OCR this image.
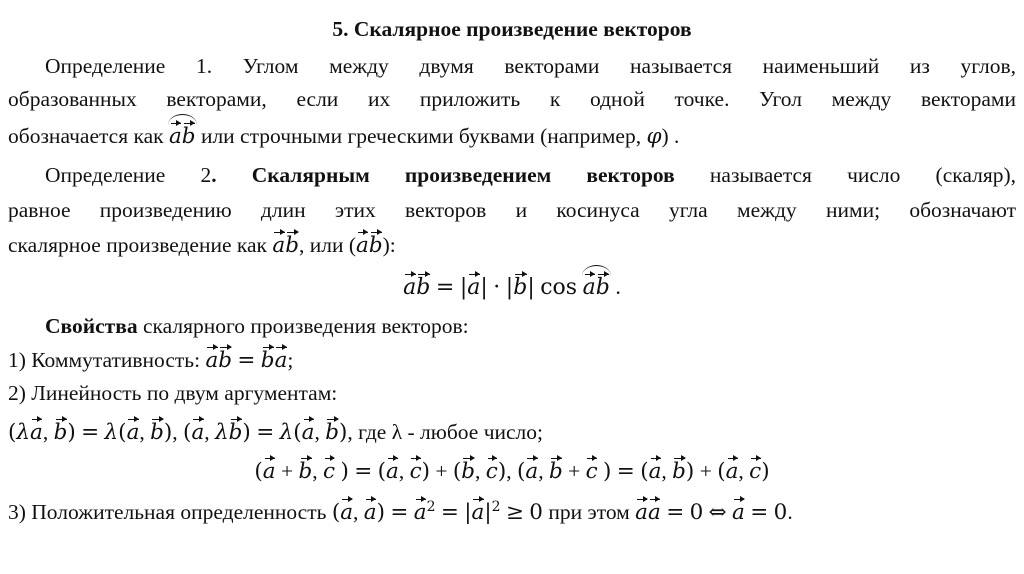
5. Скалярное произведение векторов
Определение 1. Углом между двумя векторами называется наименьший из углов,
образованных векторами, если их приложить к одной точке. Угол между векторами
обозначается как ab или строчными греческими буквами (например, φ) .
Определение 2. Скалярным произведением векторов называется число (скаляр),
равное произведению длин этих векторов и косинуса угла между ними; обозначают
скалярное произведение как ab, или (ab):
ab = |a| · |b| cos ab .
Свойства скалярного произведения векторов:
1) Коммутативность: ab = ba;
2) Линейность по двум аргументам:
(λa, b) = λ(a, b), (a, λb) = λ(a, b), где λ - любое число;
(a + b, c ) = (a, c) + (b, c), (a, b + c ) = (a, b) + (a, c)
3) Положительная определенность (a, $a) = a^2 = |a|^2 \ge 0$ при этом aa = 0 ⇔ a = 0.
